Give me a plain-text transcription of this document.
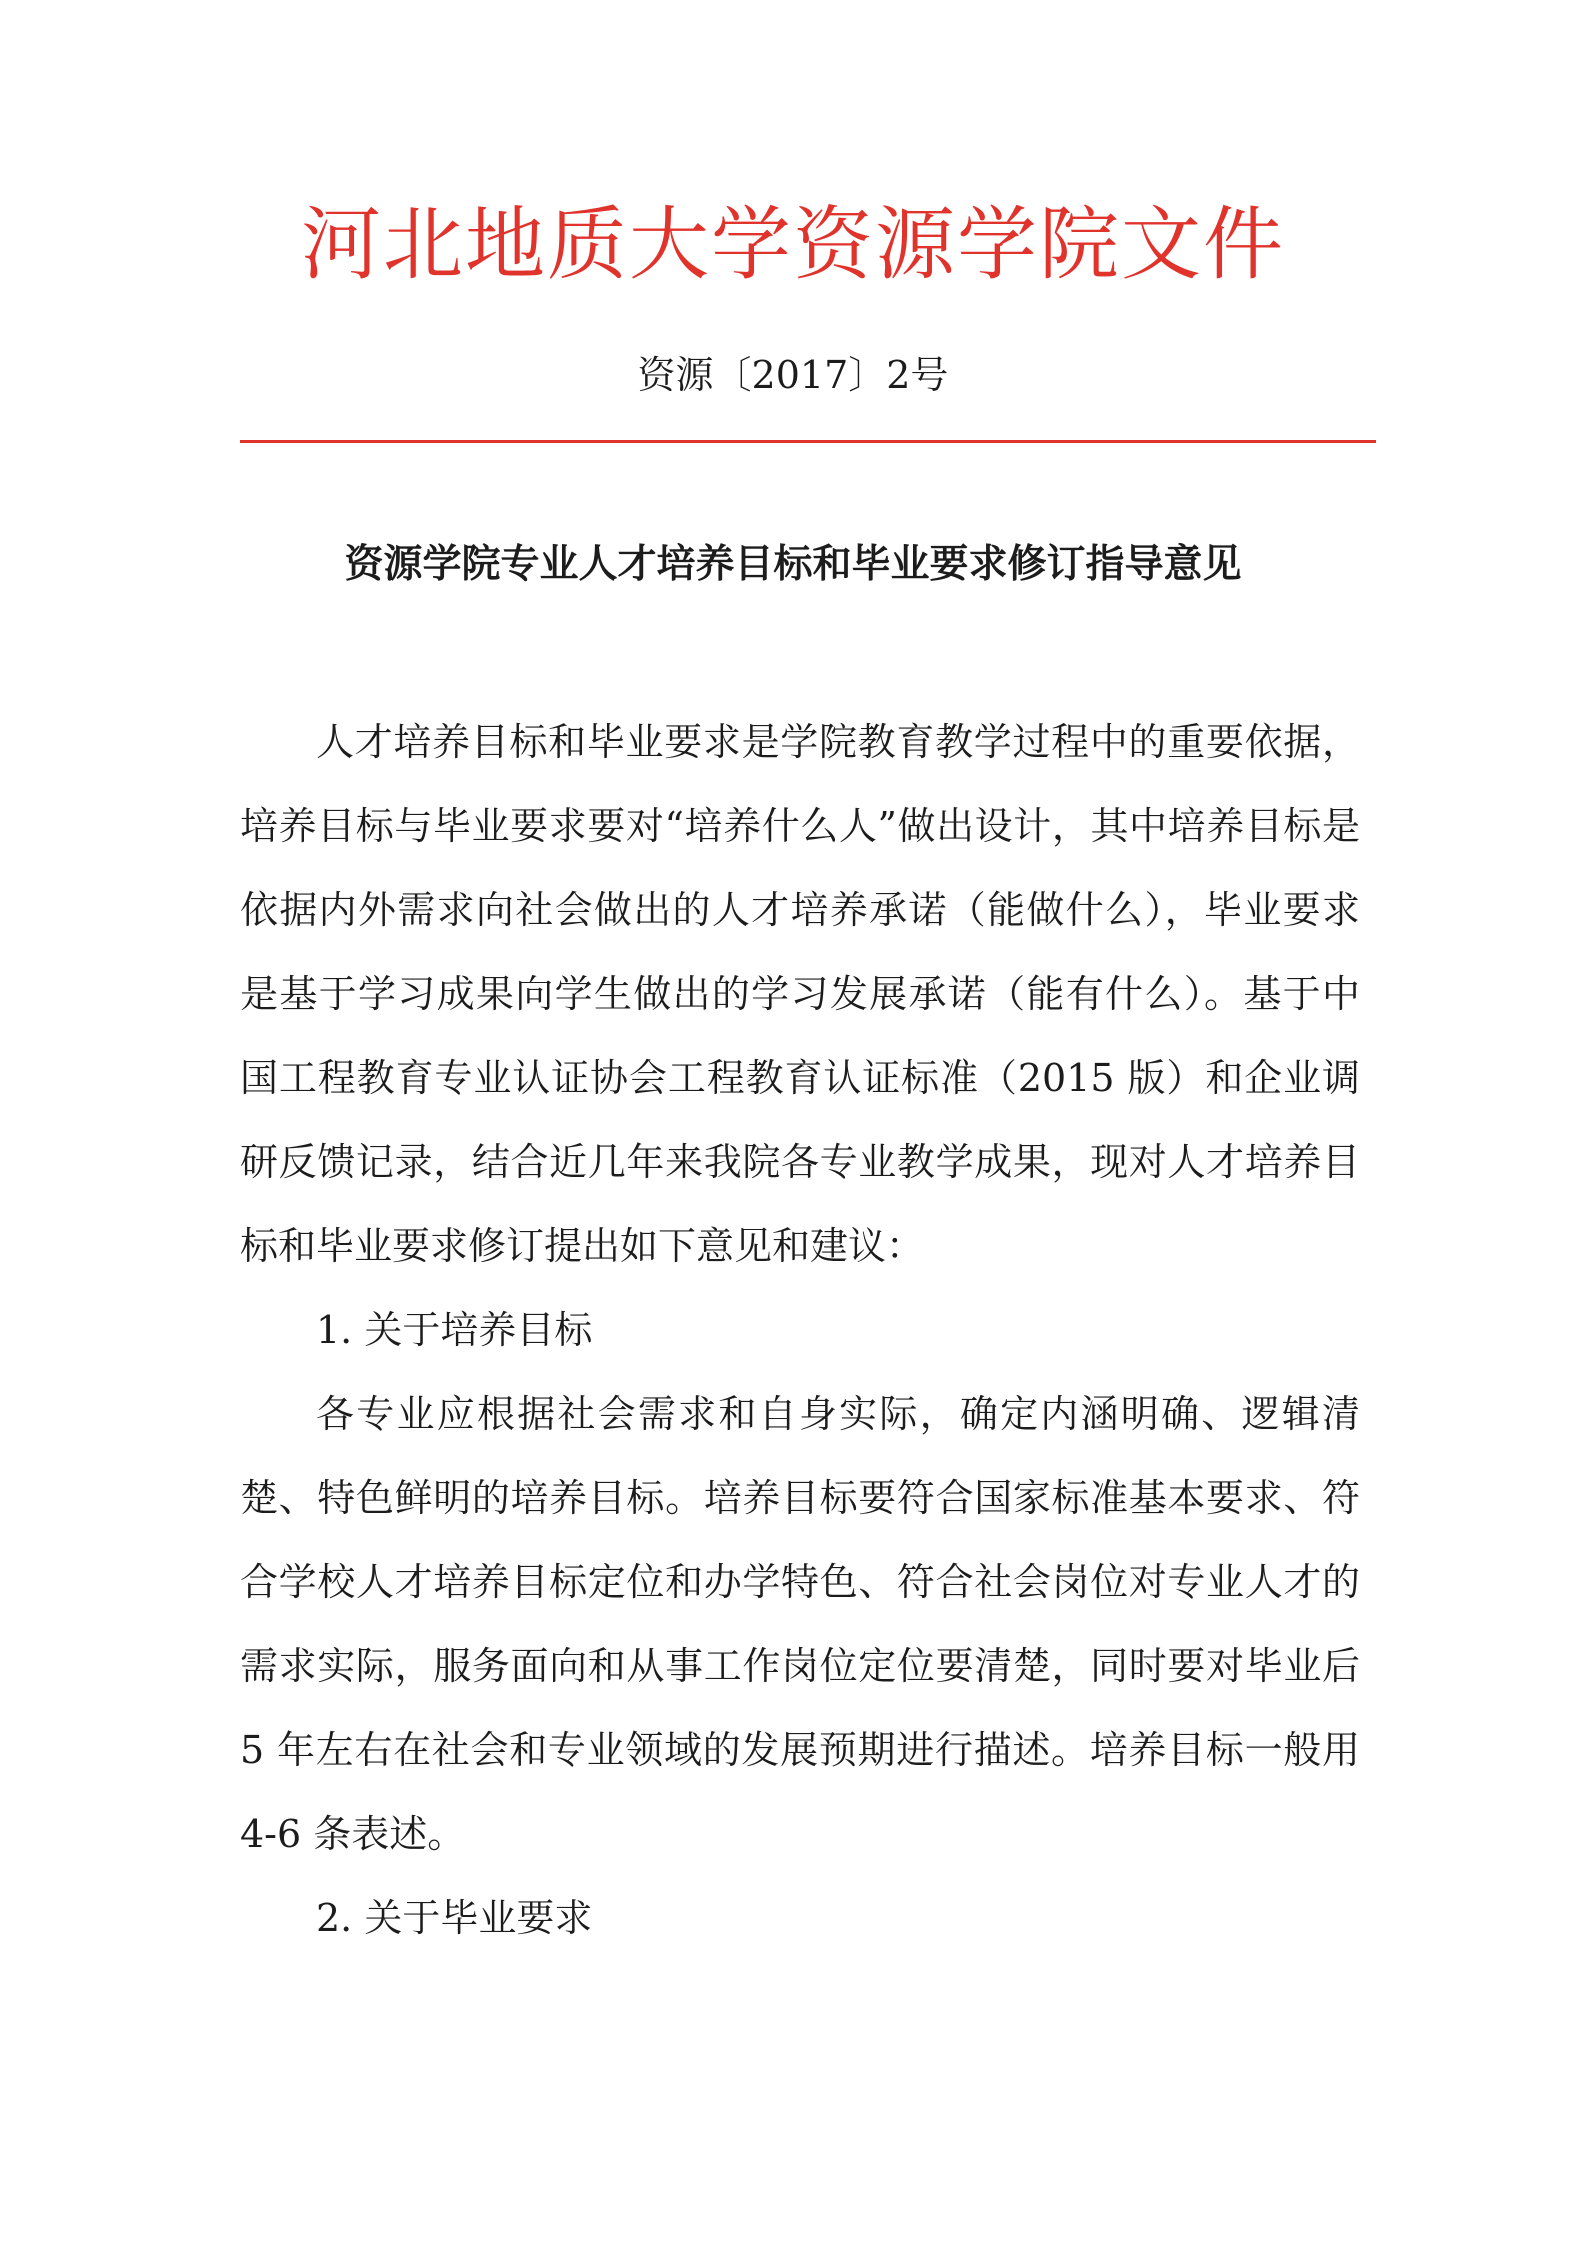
河北地质大学资源学院文件
资源〔2017〕2号
资源学院专业人才培养目标和毕业要求修订指导意见

人才培养目标和毕业要求是学院教育教学过程中的重要依据，培养目标与毕业要求要对“培养什么人”做出设计，其中培养目标是依据内外需求向社会做出的人才培养承诺（能做什么），毕业要求是基于学习成果向学生做出的学习发展承诺（能有什么）。基于中国工程教育专业认证协会工程教育认证标准（2015 版）和企业调研反馈记录，结合近几年来我院各专业教学成果，现对人才培养目标和毕业要求修订提出如下意见和建议：

1. 关于培养目标

各专业应根据社会需求和自身实际，确定内涵明确、逻辑清楚、特色鲜明的培养目标。培养目标要符合国家标准基本要求、符合学校人才培养目标定位和办学特色、符合社会岗位对专业人才的需求实际，服务面向和从事工作岗位定位要清楚，同时要对毕业后 5 年左右在社会和专业领域的发展预期进行描述。培养目标一般用 4-6 条表述。

2. 关于毕业要求
